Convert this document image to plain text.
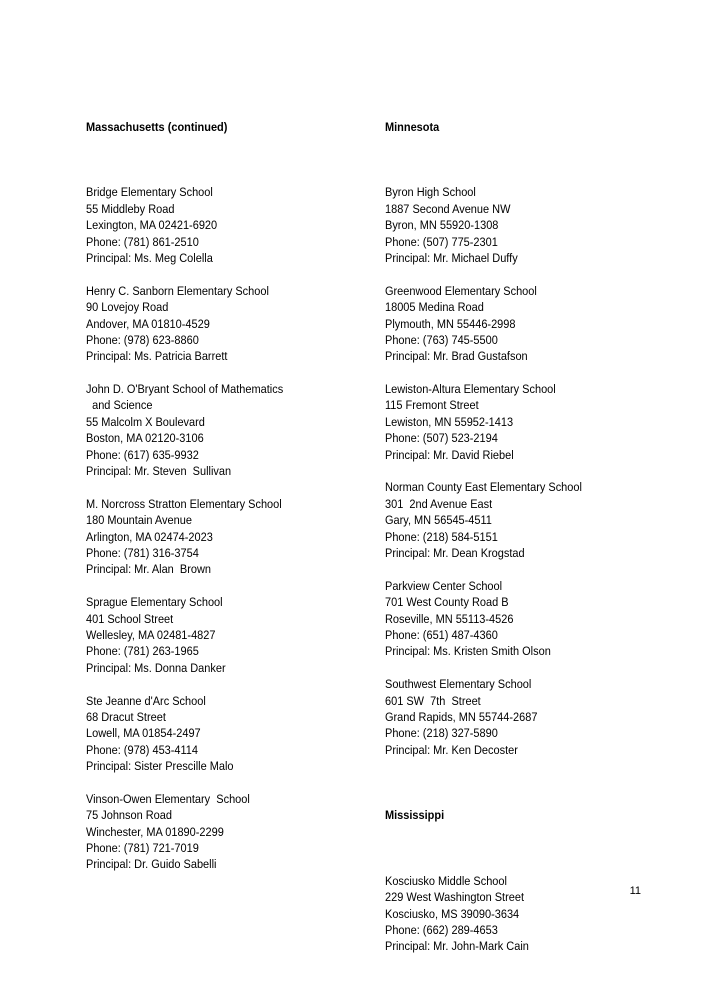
Massachusetts (continued)

Bridge Elementary School
55 Middleby Road
Lexington, MA 02421-6920
Phone: (781) 861-2510
Principal: Ms. Meg Colella
Henry C. Sanborn Elementary School
90 Lovejoy Road
Andover, MA 01810-4529
Phone: (978) 623-8860
Principal: Ms. Patricia Barrett
John D. O'Bryant School of Mathematics
and Science
55 Malcolm X Boulevard
Boston, MA 02120-3106
Phone: (617) 635-9932
Principal: Mr. Steven  Sullivan
M. Norcross Stratton Elementary School
180 Mountain Avenue
Arlington, MA 02474-2023
Phone: (781) 316-3754
Principal: Mr. Alan  Brown
Sprague Elementary School
401 School Street
Wellesley, MA 02481-4827
Phone: (781) 263-1965
Principal: Ms. Donna Danker
Ste Jeanne d'Arc School
68 Dracut Street
Lowell, MA 01854-2497
Phone: (978) 453-4114
Principal: Sister Prescille Malo
Vinson-Owen Elementary  School
75 Johnson Road
Winchester, MA 01890-2299
Phone: (781) 721-7019
Principal: Dr. Guido Sabelli

Minnesota

Byron High School
1887 Second Avenue NW
Byron, MN 55920-1308
Phone: (507) 775-2301
Principal: Mr. Michael Duffy
Greenwood Elementary School
18005 Medina Road
Plymouth, MN 55446-2998
Phone: (763) 745-5500
Principal: Mr. Brad Gustafson
Lewiston-Altura Elementary School
115 Fremont Street
Lewiston, MN 55952-1413
Phone: (507) 523-2194
Principal: Mr. David Riebel
Norman County East Elementary School
301  2nd Avenue East
Gary, MN 56545-4511
Phone: (218) 584-5151
Principal: Mr. Dean Krogstad
Parkview Center School
701 West County Road B
Roseville, MN 55113-4526
Phone: (651) 487-4360
Principal: Ms. Kristen Smith Olson
Southwest Elementary School
601 SW  7th  Street
Grand Rapids, MN 55744-2687
Phone: (218) 327-5890
Principal: Mr. Ken Decoster

Mississippi

Kosciusko Middle School
229 West Washington Street
Kosciusko, MS 39090-3634
Phone: (662) 289-4653
Principal: Mr. John-Mark Cain

11
